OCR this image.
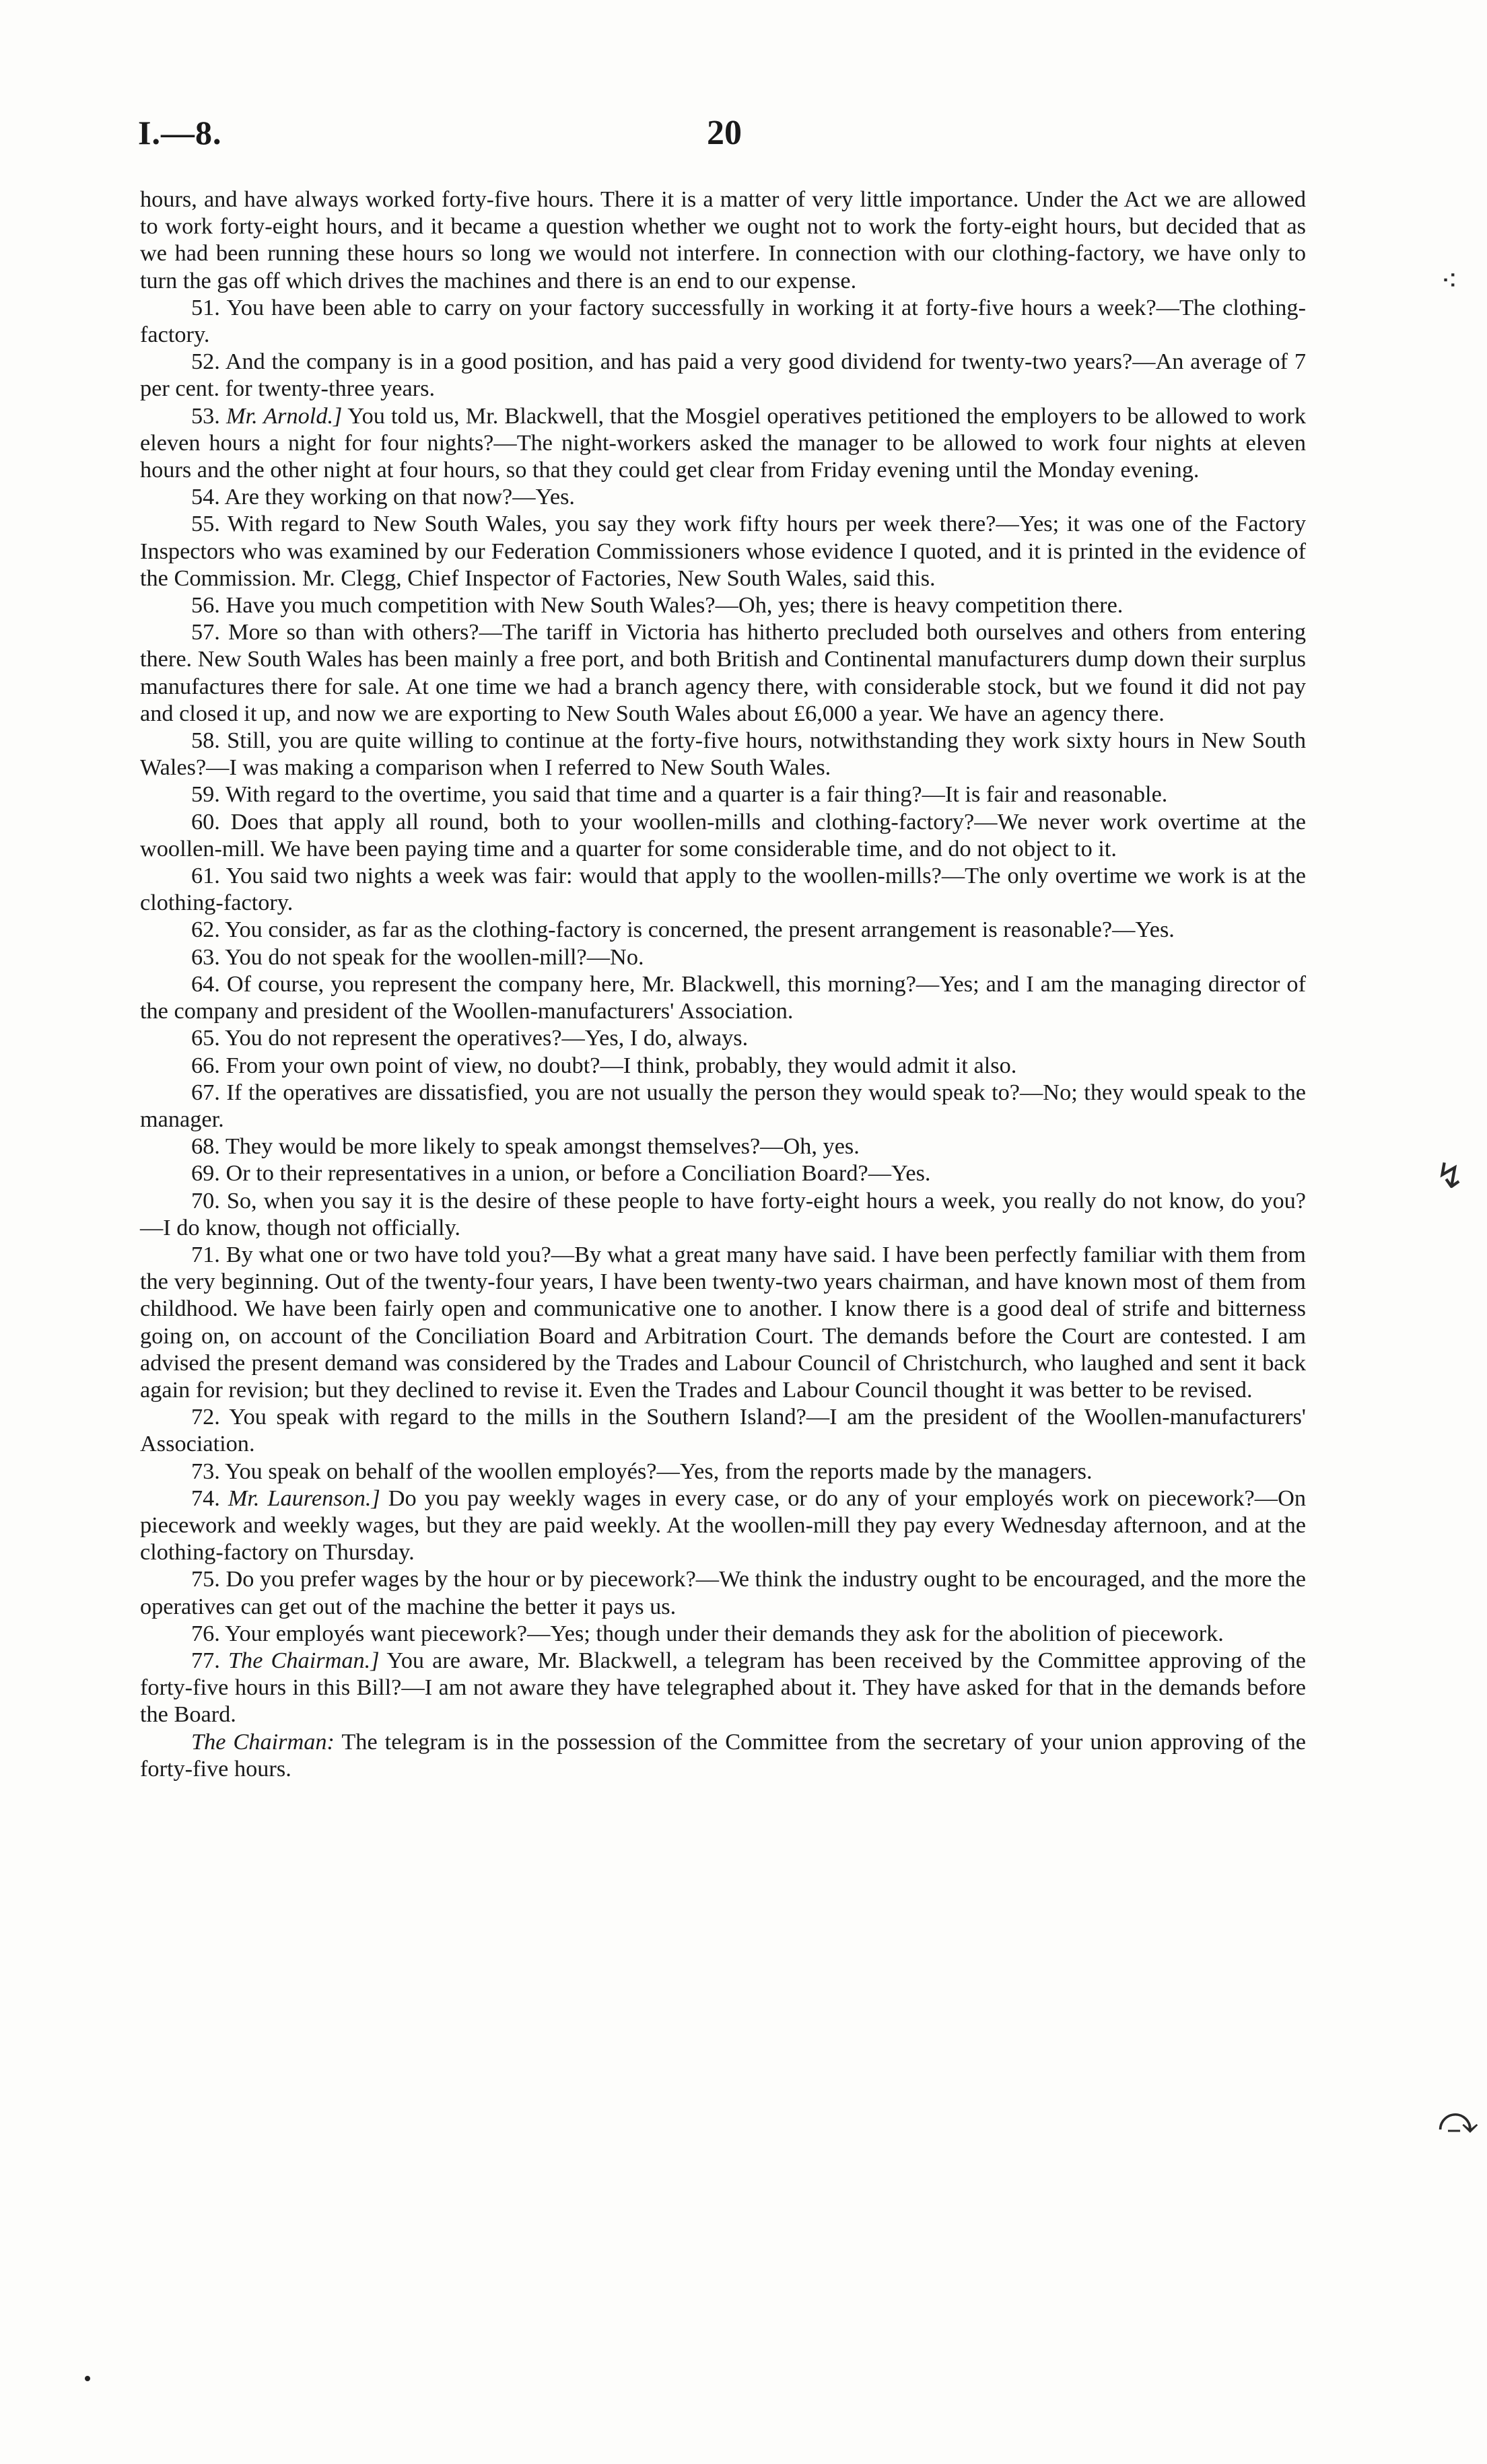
I.—8.	20

hours, and have always worked forty-five hours. There it is a matter of very little importance. Under the Act we are allowed to work forty-eight hours, and it became a question whether we ought not to work the forty-eight hours, but decided that as we had been running these hours so long we would not interfere. In connection with our clothing-factory, we have only to turn the gas off which drives the machines and there is an end to our expense.

51. You have been able to carry on your factory successfully in working it at forty-five hours a week?—The clothing-factory.

52. And the company is in a good position, and has paid a very good dividend for twenty-two years?—An average of 7 per cent. for twenty-three years.

53. Mr. Arnold.] You told us, Mr. Blackwell, that the Mosgiel operatives petitioned the employers to be allowed to work eleven hours a night for four nights?—The night-workers asked the manager to be allowed to work four nights at eleven hours and the other night at four hours, so that they could get clear from Friday evening until the Monday evening.

54. Are they working on that now?—Yes.

55. With regard to New South Wales, you say they work fifty hours per week there?—Yes; it was one of the Factory Inspectors who was examined by our Federation Commissioners whose evidence I quoted, and it is printed in the evidence of the Commission. Mr. Clegg, Chief Inspector of Factories, New South Wales, said this.

56. Have you much competition with New South Wales?—Oh, yes; there is heavy competition there.

57. More so than with others?—The tariff in Victoria has hitherto precluded both ourselves and others from entering there. New South Wales has been mainly a free port, and both British and Continental manufacturers dump down their surplus manufactures there for sale. At one time we had a branch agency there, with considerable stock, but we found it did not pay and closed it up, and now we are exporting to New South Wales about £6,000 a year. We have an agency there.

58. Still, you are quite willing to continue at the forty-five hours, notwithstanding they work sixty hours in New South Wales?—I was making a comparison when I referred to New South Wales.

59. With regard to the overtime, you said that time and a quarter is a fair thing?—It is fair and reasonable.

60. Does that apply all round, both to your woollen-mills and clothing-factory?—We never work overtime at the woollen-mill. We have been paying time and a quarter for some considerable time, and do not object to it.

61. You said two nights a week was fair: would that apply to the woollen-mills?—The only overtime we work is at the clothing-factory.

62. You consider, as far as the clothing-factory is concerned, the present arrangement is reasonable?—Yes.

63. You do not speak for the woollen-mill?—No.

64. Of course, you represent the company here, Mr. Blackwell, this morning?—Yes; and I am the managing director of the company and president of the Woollen-manufacturers' Association.

65. You do not represent the operatives?—Yes, I do, always.

66. From your own point of view, no doubt?—I think, probably, they would admit it also.

67. If the operatives are dissatisfied, you are not usually the person they would speak to?—No; they would speak to the manager.

68. They would be more likely to speak amongst themselves?—Oh, yes.

69. Or to their representatives in a union, or before a Conciliation Board?—Yes.

70. So, when you say it is the desire of these people to have forty-eight hours a week, you really do not know, do you?—I do know, though not officially.

71. By what one or two have told you?—By what a great many have said. I have been perfectly familiar with them from the very beginning. Out of the twenty-four years, I have been twenty-two years chairman, and have known most of them from childhood. We have been fairly open and communicative one to another. I know there is a good deal of strife and bitterness going on, on account of the Conciliation Board and Arbitration Court. The demands before the Court are contested. I am advised the present demand was considered by the Trades and Labour Council of Christchurch, who laughed and sent it back again for revision; but they declined to revise it. Even the Trades and Labour Council thought it was better to be revised.

72. You speak with regard to the mills in the Southern Island?—I am the president of the Woollen-manufacturers' Association.

73. You speak on behalf of the woollen employés?—Yes, from the reports made by the managers.

74. Mr. Laurenson.] Do you pay weekly wages in every case, or do any of your employés work on piecework?—On piecework and weekly wages, but they are paid weekly. At the woollen-mill they pay every Wednesday afternoon, and at the clothing-factory on Thursday.

75. Do you prefer wages by the hour or by piecework?—We think the industry ought to be encouraged, and the more the operatives can get out of the machine the better it pays us.

76. Your employés want piecework?—Yes; though under their demands they ask for the abolition of piecework.

77. The Chairman.] You are aware, Mr. Blackwell, a telegram has been received by the Committee approving of the forty-five hours in this Bill?—I am not aware they have telegraphed about it. They have asked for that in the demands before the Board.

The Chairman: The telegram is in the possession of the Committee from the secretary of your union approving of the forty-five hours.

⁖
↯
⤼
